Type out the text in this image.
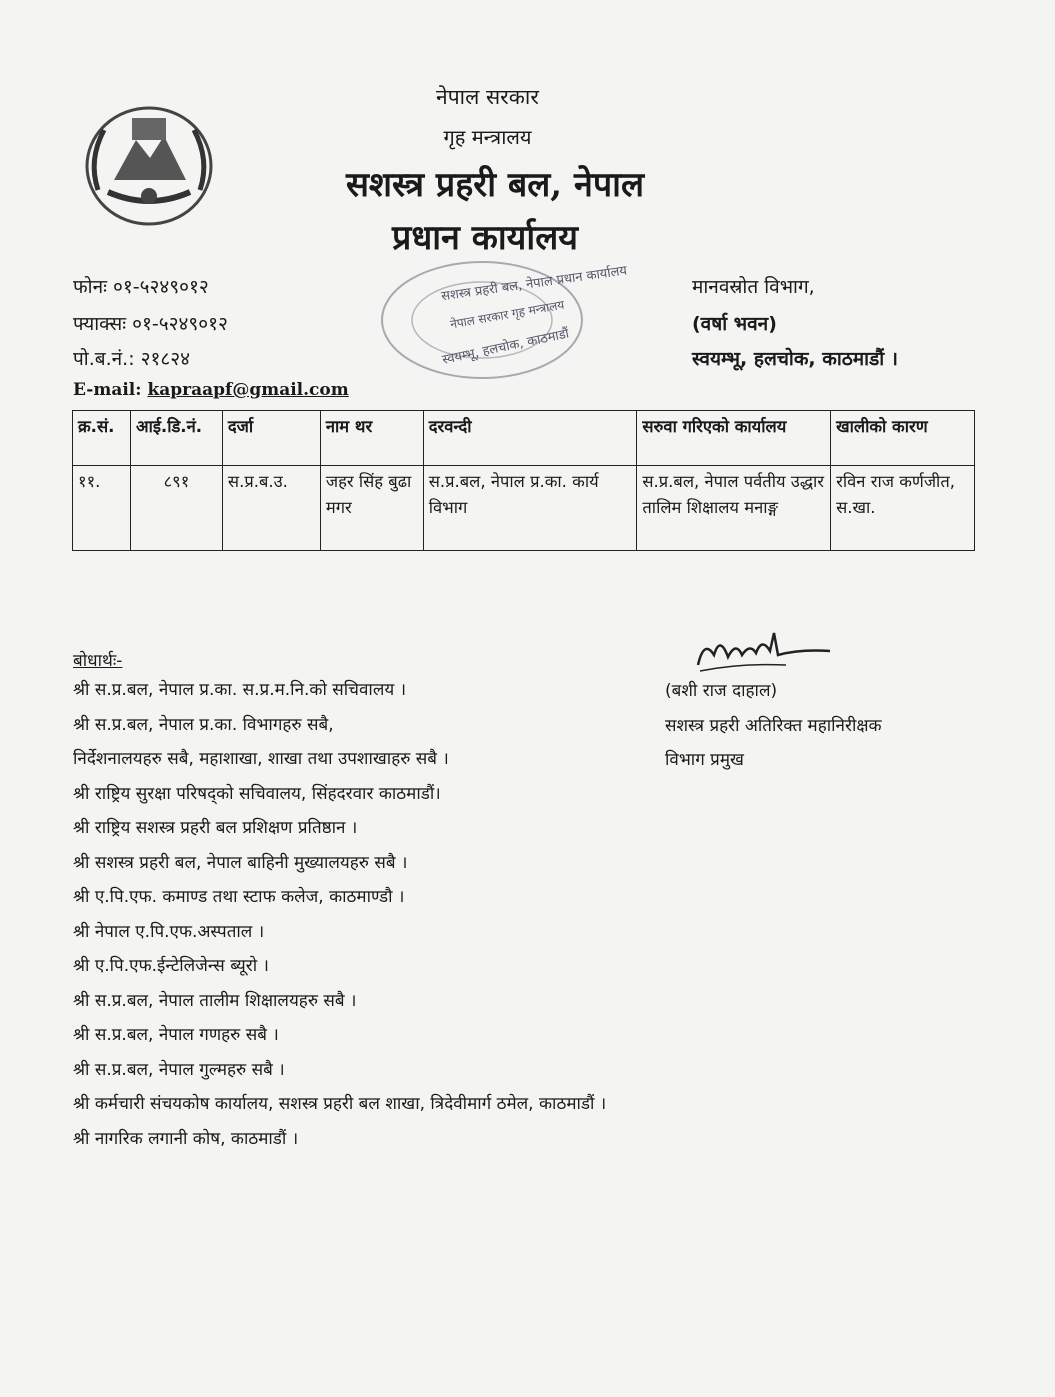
नेपाल सरकार
गृह मन्त्रालय
सशस्त्र प्रहरी बल, नेपाल
प्रधान कार्यालय
सशस्त्र प्रहरी बल, नेपाल प्रधान कार्यालय
नेपाल सरकार गृह मन्त्रालय
स्वयम्भू, हलचोक, काठमाडौं
फोनः ०१-५२४९०१२
फ्याक्सः ०१-५२४९०१२
पो.ब.नं.: २१८२४
E-mail: kapraapf@gmail.com
मानवस्रोत विभाग,
(वर्षा भवन)
स्वयम्भू, हलचोक, काठमाडौं ।
क्र.सं.	आई.डि.नं.	दर्जा	नाम थर	दरवन्दी	सरुवा गरिएको कार्यालय	खालीको कारण
११.	८९१	स.प्र.ब.उ.	जहर सिंह बुढा मगर	स.प्र.बल, नेपाल प्र.का. कार्य विभाग	स.प्र.बल, नेपाल पर्वतीय उद्धार तालिम शिक्षालय मनाङ्ग	रविन राज कर्णजीत, स.खा.
बोधार्थः-
श्री स.प्र.बल, नेपाल प्र.का. स.प्र.म.नि.को सचिवालय ।
श्री स.प्र.बल, नेपाल प्र.का. विभागहरु सबै,
निर्देशनालयहरु सबै, महाशाखा, शाखा तथा उपशाखाहरु सबै ।
श्री राष्ट्रिय सुरक्षा परिषद्को सचिवालय, सिंहदरवार काठमाडौं।
श्री राष्ट्रिय सशस्त्र प्रहरी बल प्रशिक्षण प्रतिष्ठान ।
श्री सशस्त्र प्रहरी बल, नेपाल बाहिनी मुख्यालयहरु सबै ।
श्री ए.पि.एफ. कमाण्ड तथा स्टाफ कलेज, काठमाण्डौ ।
श्री नेपाल ए.पि.एफ.अस्पताल ।
श्री ए.पि.एफ.ईन्टेलिजेन्स ब्यूरो ।
श्री स.प्र.बल, नेपाल तालीम शिक्षालयहरु सबै ।
श्री स.प्र.बल, नेपाल गणहरु सबै ।
श्री स.प्र.बल, नेपाल गुल्महरु सबै ।
श्री कर्मचारी संचयकोष कार्यालय, सशस्त्र प्रहरी बल शाखा, त्रिदेवीमार्ग ठमेल, काठमाडौं ।
श्री नागरिक लगानी कोष, काठमाडौं ।
(बशी राज दाहाल)
सशस्त्र प्रहरी अतिरिक्त महानिरीक्षक
विभाग प्रमुख
